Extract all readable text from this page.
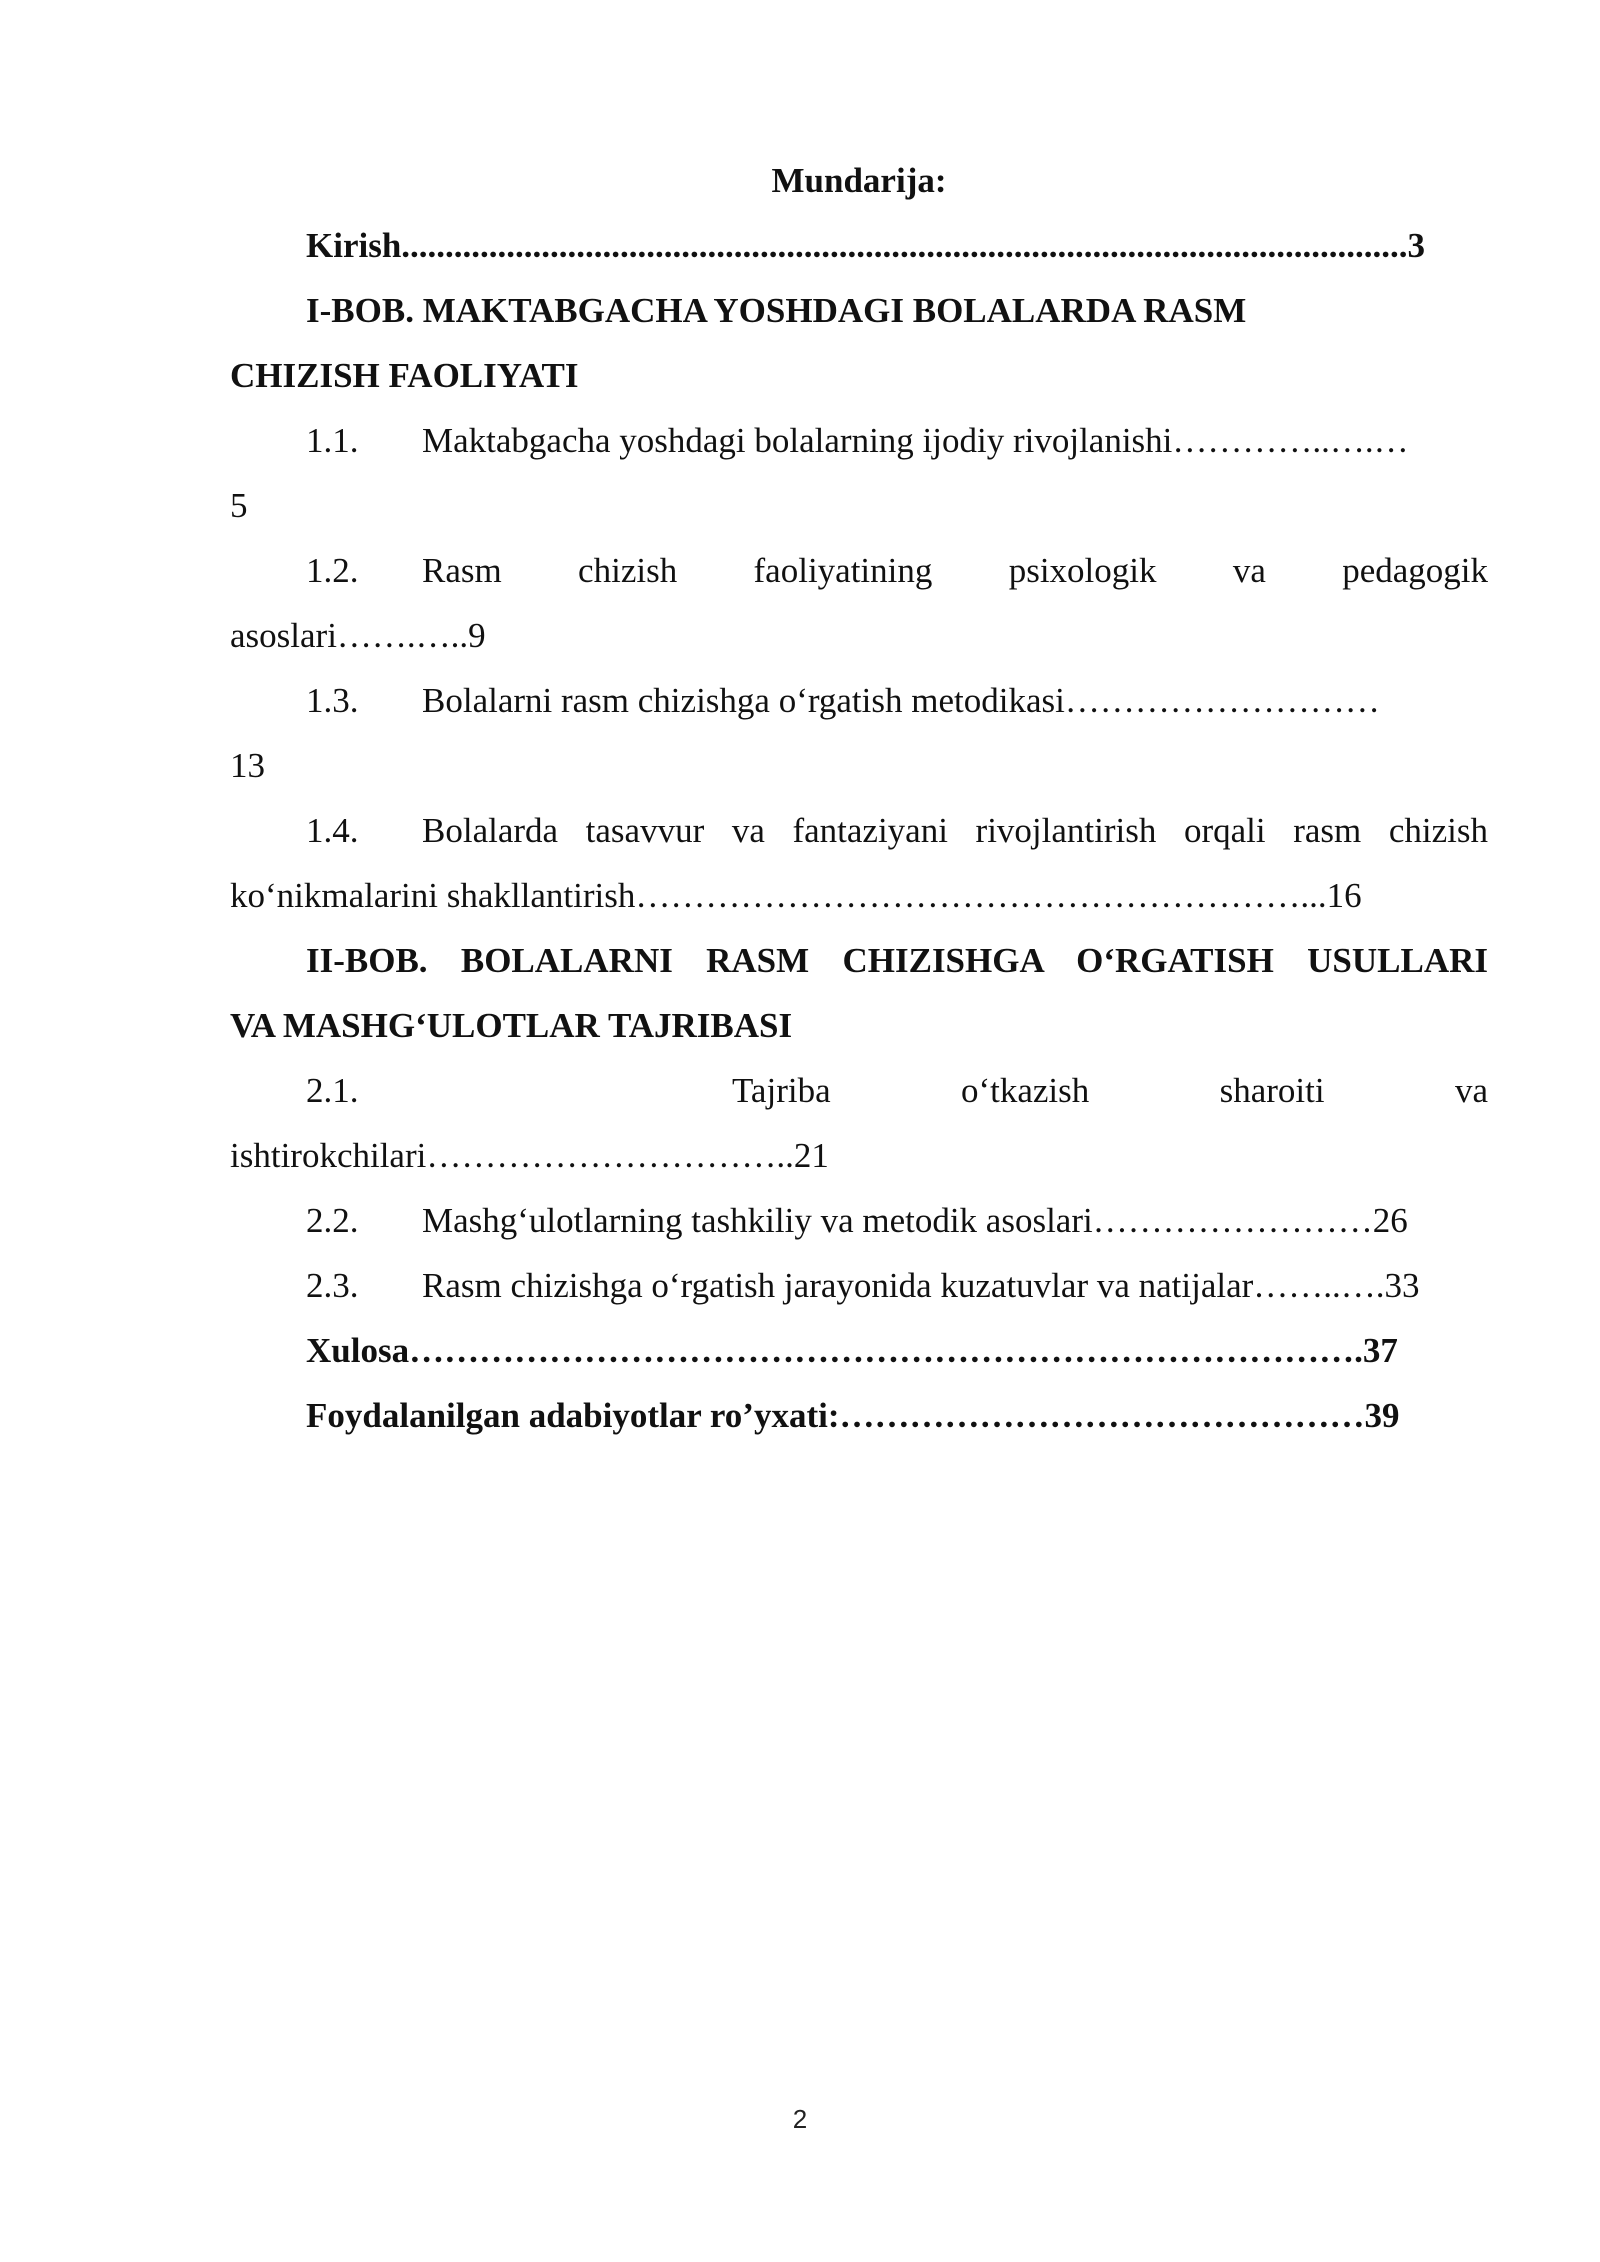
Mundarija:

Kirish...................................................................................................................3

I-BOB. MAKTABGACHA YOSHDAGI BOLALARDA RASM

CHIZISH FAOLIYATI

1.1. Maktabgacha yoshdagi bolalarning ijodiy rivojlanishi…………..….…

5

1.2. Rasm chizish faoliyatining psixologik va pedagogik

asoslari…….…..9

1.3. Bolalarni rasm chizishga o‘rgatish metodikasi………………………

13

1.4. Bolalarda tasavvur va fantaziyani rivojlantirish orqali rasm chizish

ko‘nikmalarini shakllantirish…………………………………………………...16

II-BOB. BOLALARNI RASM CHIZISHGA O‘RGATISH USULLARI

VA MASHG‘ULOTLAR TAJRIBASI

2.1.	Tajriba o‘tkazish sharoiti va

ishtirokchilari…………………………..21

2.2. Mashg‘ulotlarning tashkiliy va metodik asoslari……………………26

2.3. Rasm chizishga o‘rgatish jarayonida kuzatuvlar va natijalar……..….33

Xulosa……………………………………………………………………….37

Foydalanilgan adabiyotlar ro’yxati:………………………………………39

2
